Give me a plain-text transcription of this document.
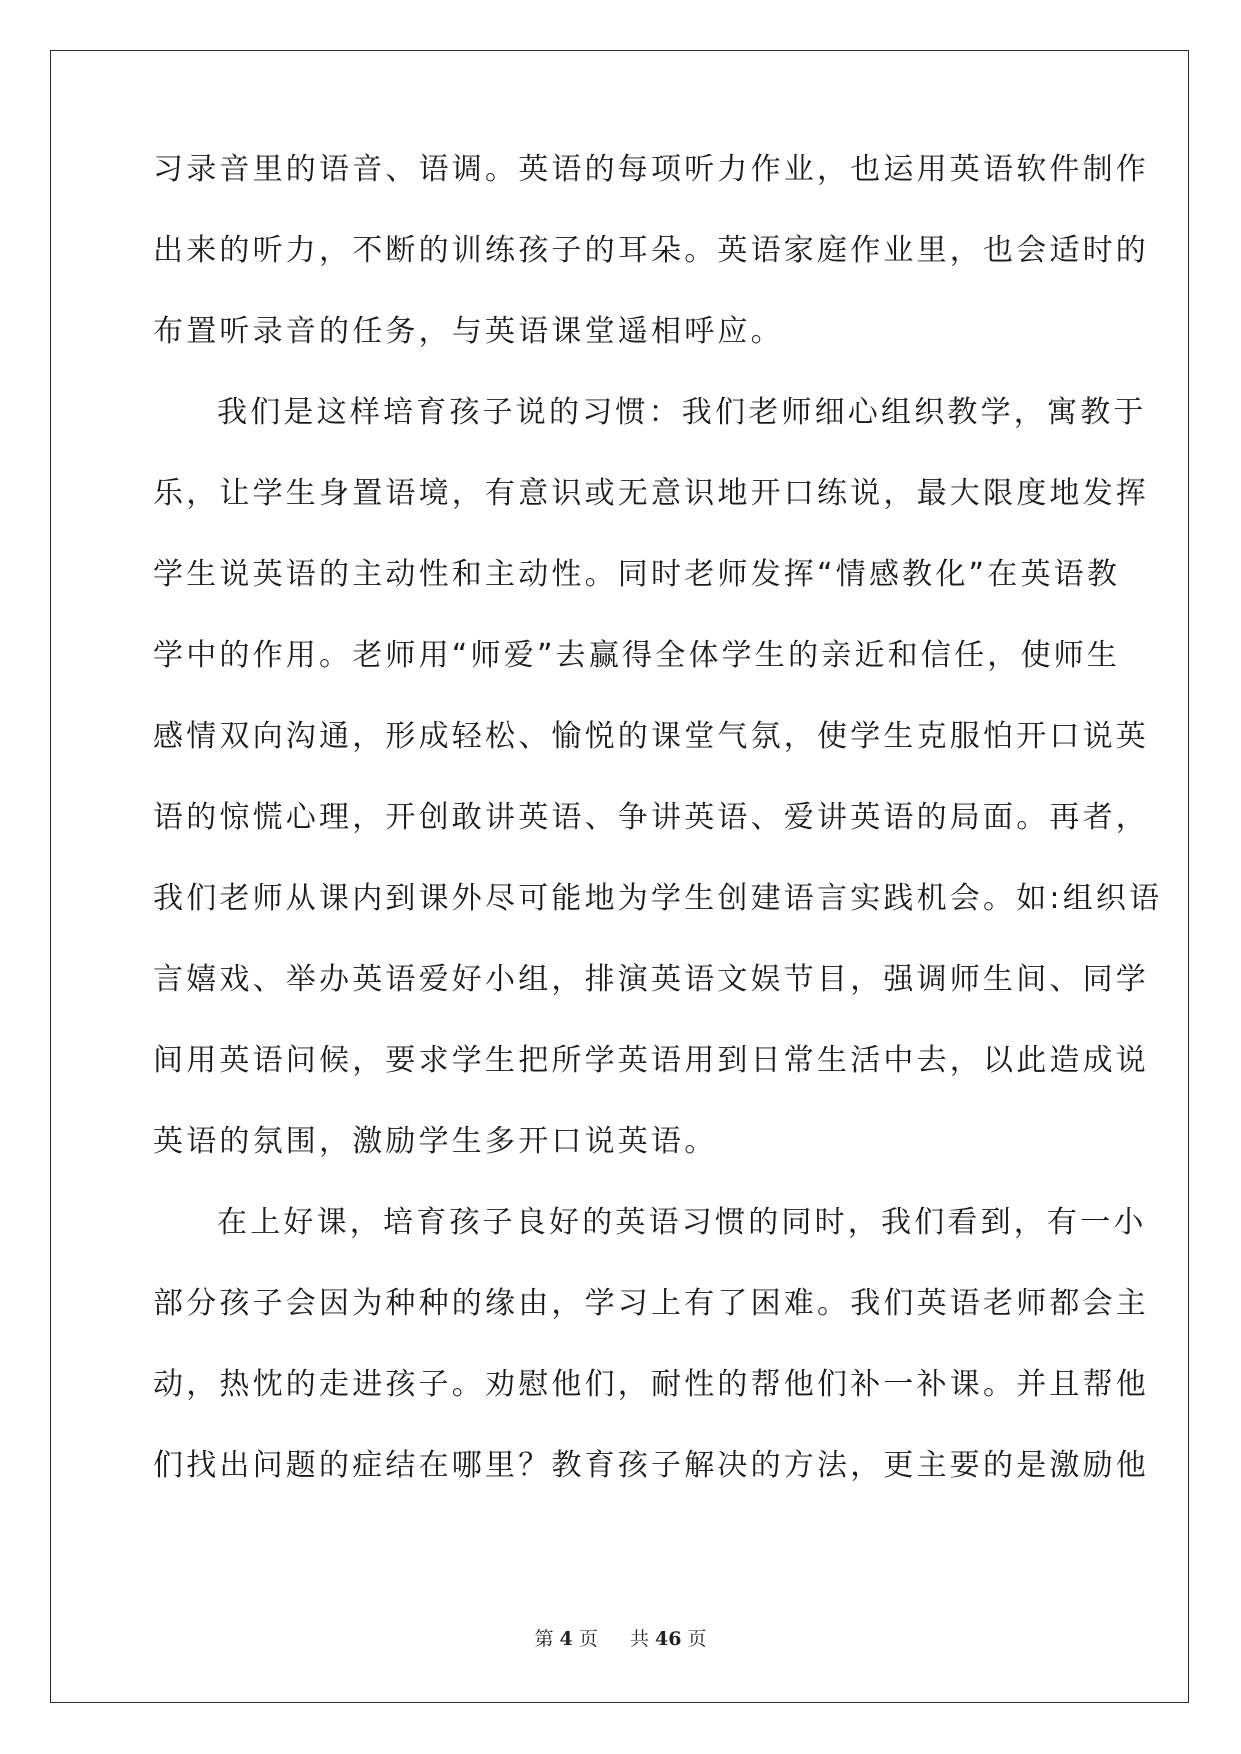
习录音里的语音、语调。英语的每项听力作业，也运用英语软件制作
出来的听力，不断的训练孩子的耳朵。英语家庭作业里，也会适时的
布置听录音的任务，与英语课堂遥相呼应。
我们是这样培育孩子说的习惯：我们老师细心组织教学，寓教于
乐，让学生身置语境，有意识或无意识地开口练说，最大限度地发挥
学生说英语的主动性和主动性。同时老师发挥“情感教化”在英语教
学中的作用。老师用“师爱”去赢得全体学生的亲近和信任，使师生
感情双向沟通，形成轻松、愉悦的课堂气氛，使学生克服怕开口说英
语的惊慌心理，开创敢讲英语、争讲英语、爱讲英语的局面。再者，
我们老师从课内到课外尽可能地为学生创建语言实践机会。如:组织语
言嬉戏、举办英语爱好小组，排演英语文娱节目，强调师生间、同学
间用英语问候，要求学生把所学英语用到日常生活中去，以此造成说
英语的氛围，激励学生多开口说英语。
在上好课，培育孩子良好的英语习惯的同时，我们看到，有一小
部分孩子会因为种种的缘由，学习上有了困难。我们英语老师都会主
动，热忱的走进孩子。劝慰他们，耐性的帮他们补一补课。并且帮他
们找出问题的症结在哪里？教育孩子解决的方法，更主要的是激励他
第 4 页 共 46 页
